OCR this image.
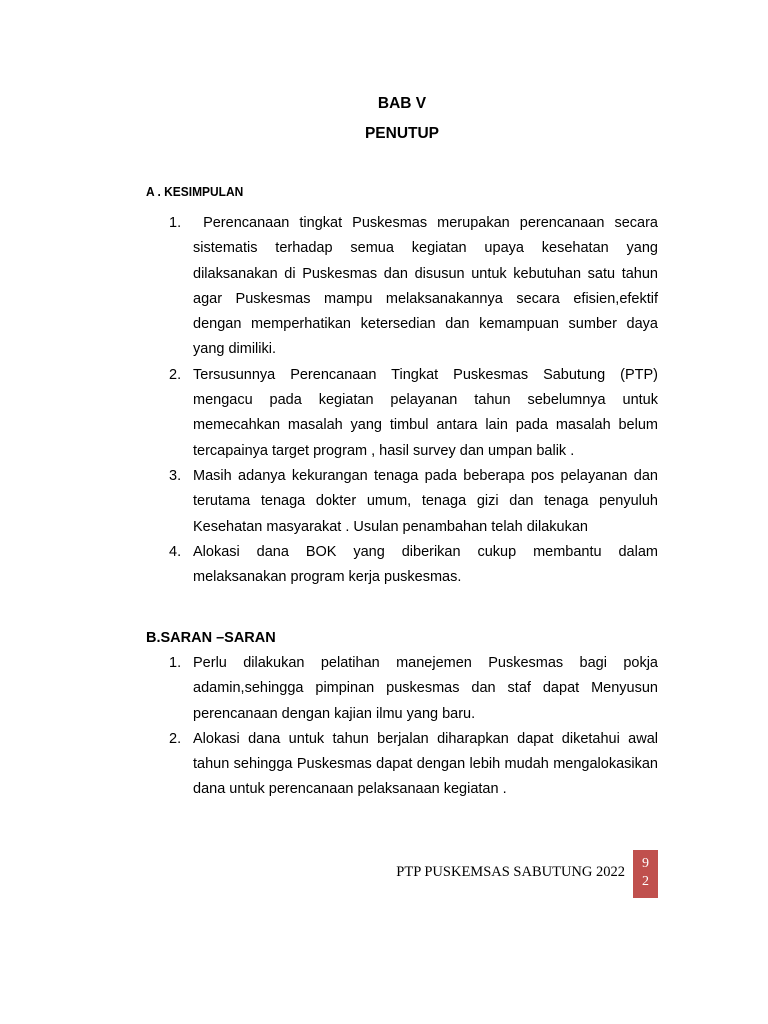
BAB V
PENUTUP
A . KESIMPULAN
1. Perencanaan tingkat Puskesmas merupakan perencanaan secara sistematis terhadap semua kegiatan upaya kesehatan yang dilaksanakan di Puskesmas dan disusun untuk kebutuhan satu tahun agar Puskesmas mampu melaksanakannya secara efisien,efektif dengan memperhatikan ketersedian dan kemampuan sumber daya yang dimiliki.
2. Tersusunnya Perencanaan Tingkat Puskesmas Sabutung (PTP) mengacu pada kegiatan pelayanan tahun sebelumnya untuk memecahkan masalah yang timbul antara lain pada masalah belum tercapainya target program , hasil survey dan umpan balik .
3. Masih adanya kekurangan tenaga pada beberapa pos pelayanan dan terutama tenaga dokter umum, tenaga gizi dan tenaga penyuluh Kesehatan masyarakat . Usulan penambahan telah dilakukan
4. Alokasi dana BOK yang diberikan cukup membantu dalam melaksanakan program kerja puskesmas.
B.SARAN –SARAN
1. Perlu dilakukan pelatihan manejemen Puskesmas bagi pokja adamin,sehingga pimpinan puskesmas dan staf dapat Menyusun perencanaan dengan kajian ilmu yang baru.
2. Alokasi dana untuk tahun berjalan diharapkan dapat diketahui awal tahun sehingga Puskesmas dapat dengan lebih mudah mengalokasikan dana untuk perencanaan pelaksanaan kegiatan .

PTP PUSKEMSAS SABUTUNG 2022

9
2
